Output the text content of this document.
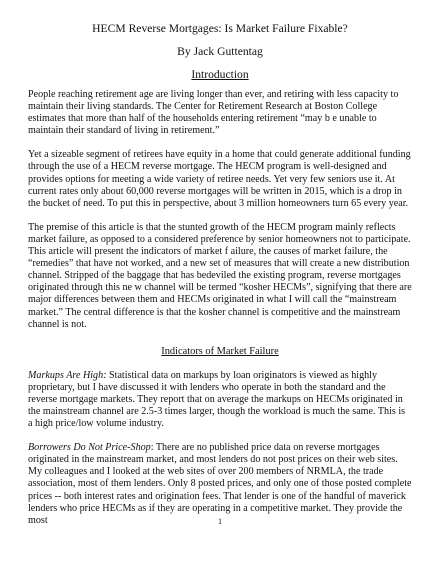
HECM Reverse Mortgages: Is Market Failure Fixable?
By Jack Guttentag
Introduction

People reaching retirement age are living longer than ever, and retiring with less capacity to maintain their living standards. The Center for Retirement Research at Boston College estimates that more than half of the households entering retirement “may b e unable to maintain their standard of living in retirement.”

Yet a sizeable segment of retirees have equity in a home that could generate additional funding through the use of a HECM reverse mortgage. The HECM program is well-designed and provides options for meeting a wide variety of retiree needs. Yet very few seniors use it. At current rates only about 60,000 reverse mortgages will be written in 2015, which is a drop in the bucket of need. To put this in perspective, about 3 million homeowners turn 65 every year.

The premise of this article is that the stunted growth of the HECM program mainly reflects market failure, as opposed to a considered preference by senior homeowners not to participate. This article will present the indicators of market f ailure, the causes of market failure, the “remedies” that have not worked, and a new set of measures that will create a new distribution channel. Stripped of the baggage that has bedeviled the existing program, reverse mortgages originated through this ne w channel will be termed “kosher HECMs”, signifying that there are major differences between them and HECMs originated in what I will call the “mainstream market.” The central difference is that the kosher channel is competitive and the mainstream channel is not.

Indicators of Market Failure

Markups Are High: Statistical data on markups by loan originators is viewed as highly proprietary, but I have discussed it with lenders who operate in both the standard and the reverse mortgage markets. They report that on average the markups on HECMs originated in the mainstream channel are 2.5-3 times larger, though the workload is much the same. This is a high price/low volume industry.

Borrowers Do Not Price-Shop: There are no published price data on reverse mortgages originated in the mainstream market, and most lenders do not post prices on their web sites. My colleagues and I looked at the web sites of over 200 members of NRMLA, the trade association, most of them lenders. Only 8 posted prices, and only one of those posted complete prices -- both interest rates and origination fees. That lender is one of the handful of maverick lenders who price HECMs as if they are operating in a competitive market. They provide the most	1
